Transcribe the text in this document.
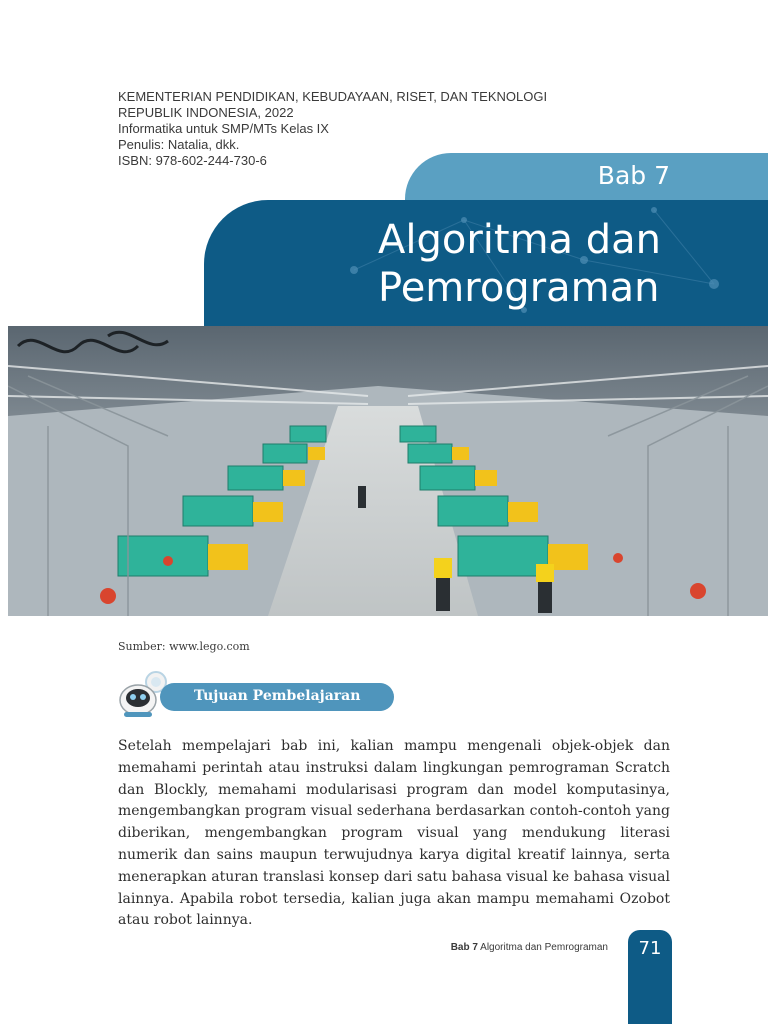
KEMENTERIAN PENDIDIKAN, KEBUDAYAAN, RISET, DAN TEKNOLOGI
REPUBLIK INDONESIA, 2022
Informatika untuk SMP/MTs Kelas IX
Penulis: Natalia, dkk.
ISBN: 978-602-244-730-6
Bab 7
Algoritma dan
Pemrograman
Sumber: www.lego.com
Tujuan Pembelajaran

Setelah mempelajari bab ini, kalian mampu mengenali objek-objek dan memahami perintah atau instruksi dalam lingkungan pemrograman Scratch dan Blockly, memahami modularisasi program dan model komputasinya, mengembangkan program visual sederhana berdasarkan contoh-contoh yang diberikan, mengembangkan program visual yang mendukung literasi numerik dan sains maupun terwujudnya karya digital kreatif lainnya, serta menerapkan aturan translasi konsep dari satu bahasa visual ke bahasa visual lainnya. Apabila robot tersedia, kalian juga akan mampu memahami Ozobot atau robot lainnya.

Bab 7 Algoritma dan Pemrograman	71
